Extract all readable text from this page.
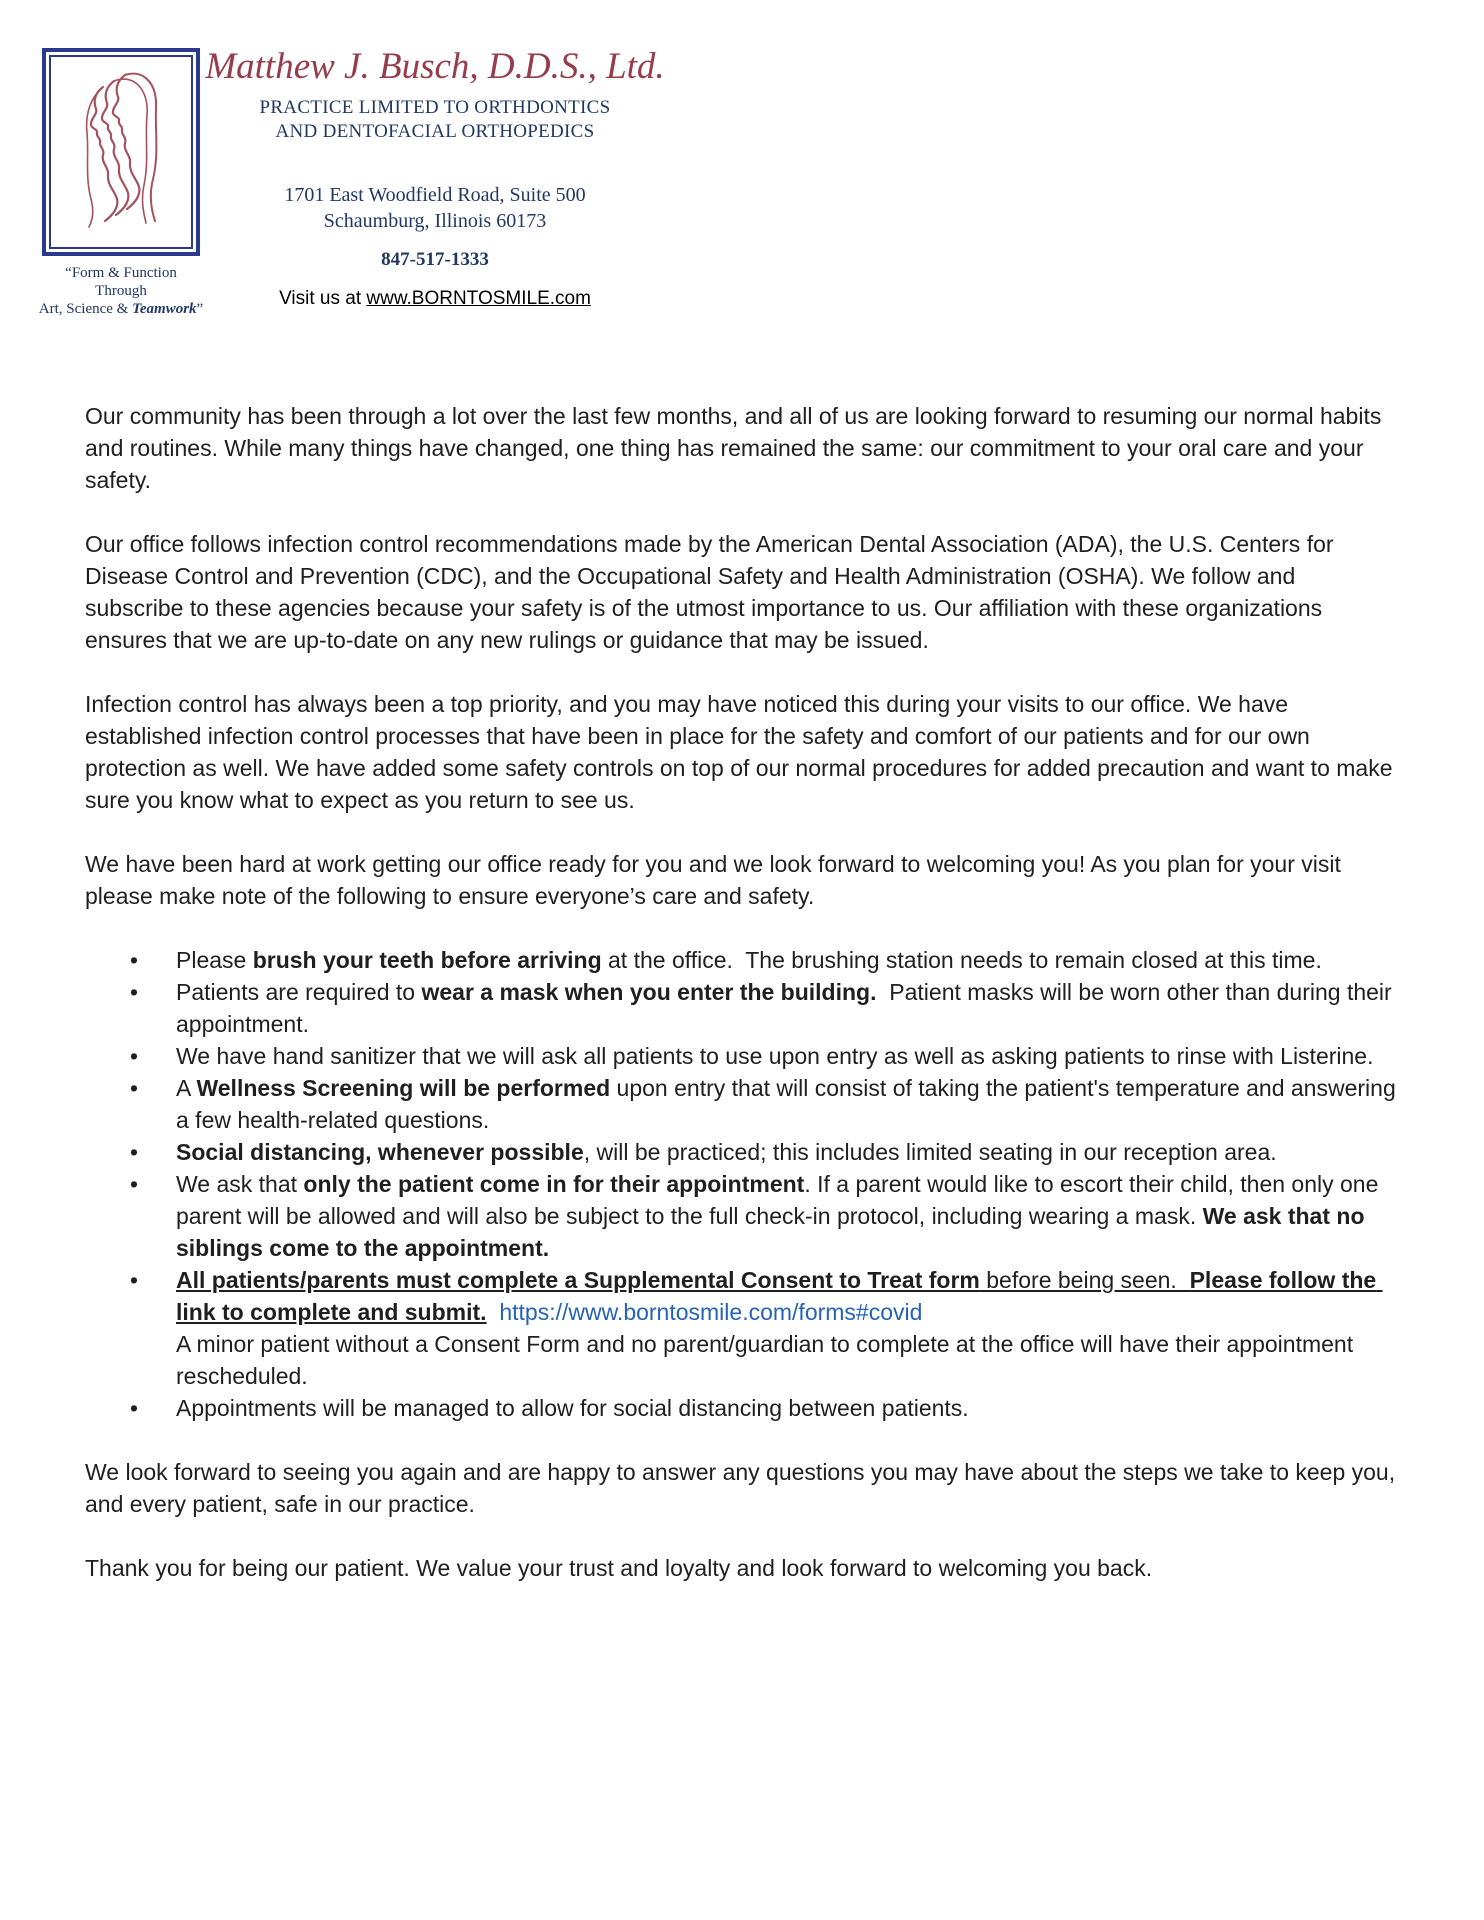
“Form & Function
Through
Art, Science & Teamwork”
Matthew J. Busch, D.D.S., Ltd.
PRACTICE LIMITED TO ORTHDONTICS
AND DENTOFACIAL ORTHOPEDICS
1701 East Woodfield Road, Suite 500
Schaumburg, Illinois 60173
847-517-1333
Visit us at www.BORNTOSMILE.com

Our community has been through a lot over the last few months, and all of us are looking forward to resuming our normal habits and routines. While many things have changed, one thing has remained the same: our commitment to your oral care and your safety.

Our office follows infection control recommendations made by the American Dental Association (ADA), the U.S. Centers for Disease Control and Prevention (CDC), and the Occupational Safety and Health Administration (OSHA). We follow and subscribe to these agencies because your safety is of the utmost importance to us. Our affiliation with these organizations ensures that we are up-to-date on any new rulings or guidance that may be issued.

Infection control has always been a top priority, and you may have noticed this during your visits to our office. We have established infection control processes that have been in place for the safety and comfort of our patients and for our own protection as well. We have added some safety controls on top of our normal procedures for added precaution and want to make sure you know what to expect as you return to see us.

We have been hard at work getting our office ready for you and we look forward to welcoming you! As you plan for your visit please make note of the following to ensure everyone’s care and safety.

• Please brush your teeth before arriving at the office.  The brushing station needs to remain closed at this time.
• Patients are required to wear a mask when you enter the building.  Patient masks will be worn other than during their appointment.
• We have hand sanitizer that we will ask all patients to use upon entry as well as asking patients to rinse with Listerine.
• A Wellness Screening will be performed upon entry that will consist of taking the patient's temperature and answering a few health-related questions.
• Social distancing, whenever possible, will be practiced; this includes limited seating in our reception area.
• We ask that only the patient come in for their appointment. If a parent would like to escort their child, then only one parent will be allowed and will also be subject to the full check-in protocol, including wearing a mask. We ask that no siblings come to the appointment.
• All patients/parents must complete a Supplemental Consent to Treat form before being seen.  Please follow the link to complete and submit. https://www.borntosmile.com/forms#covid
A minor patient without a Consent Form and no parent/guardian to complete at the office will have their appointment rescheduled.
• Appointments will be managed to allow for social distancing between patients.

We look forward to seeing you again and are happy to answer any questions you may have about the steps we take to keep you, and every patient, safe in our practice.

Thank you for being our patient. We value your trust and loyalty and look forward to welcoming you back.
